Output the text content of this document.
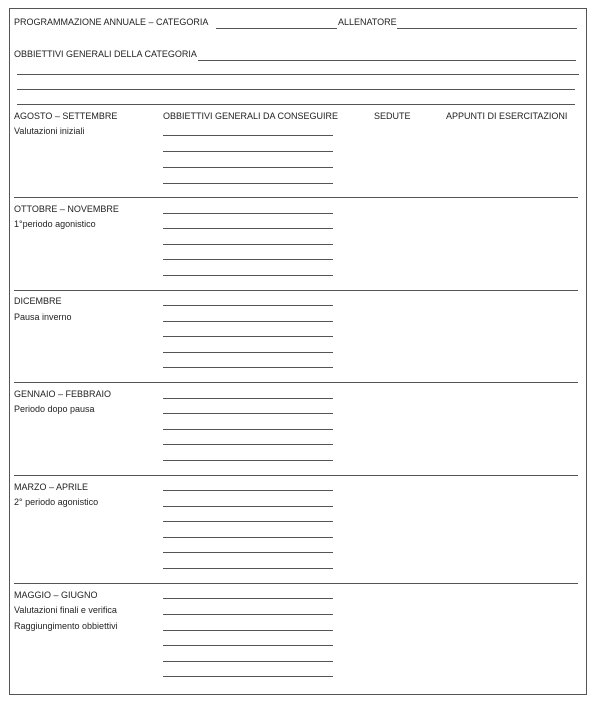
PROGRAMMAZIONE ANNUALE – CATEGORIA	ALLENATORE
OBBIETTIVI GENERALI DELLA CATEGORIA
OBBIETTIVI GENERALI DA CONSEGUIRE	SEDUTE	APPUNTI DI ESERCITAZIONI
AGOSTO – SETTEMBRE
Valutazioni iniziali
OTTOBRE – NOVEMBRE
1°periodo agonistico
DICEMBRE
Pausa inverno
GENNAIO – FEBBRAIO
Periodo dopo pausa
MARZO – APRILE
2° periodo agonistico
MAGGIO – GIUGNO
Valutazioni finali e verifica
Raggiungimento obbiettivi
